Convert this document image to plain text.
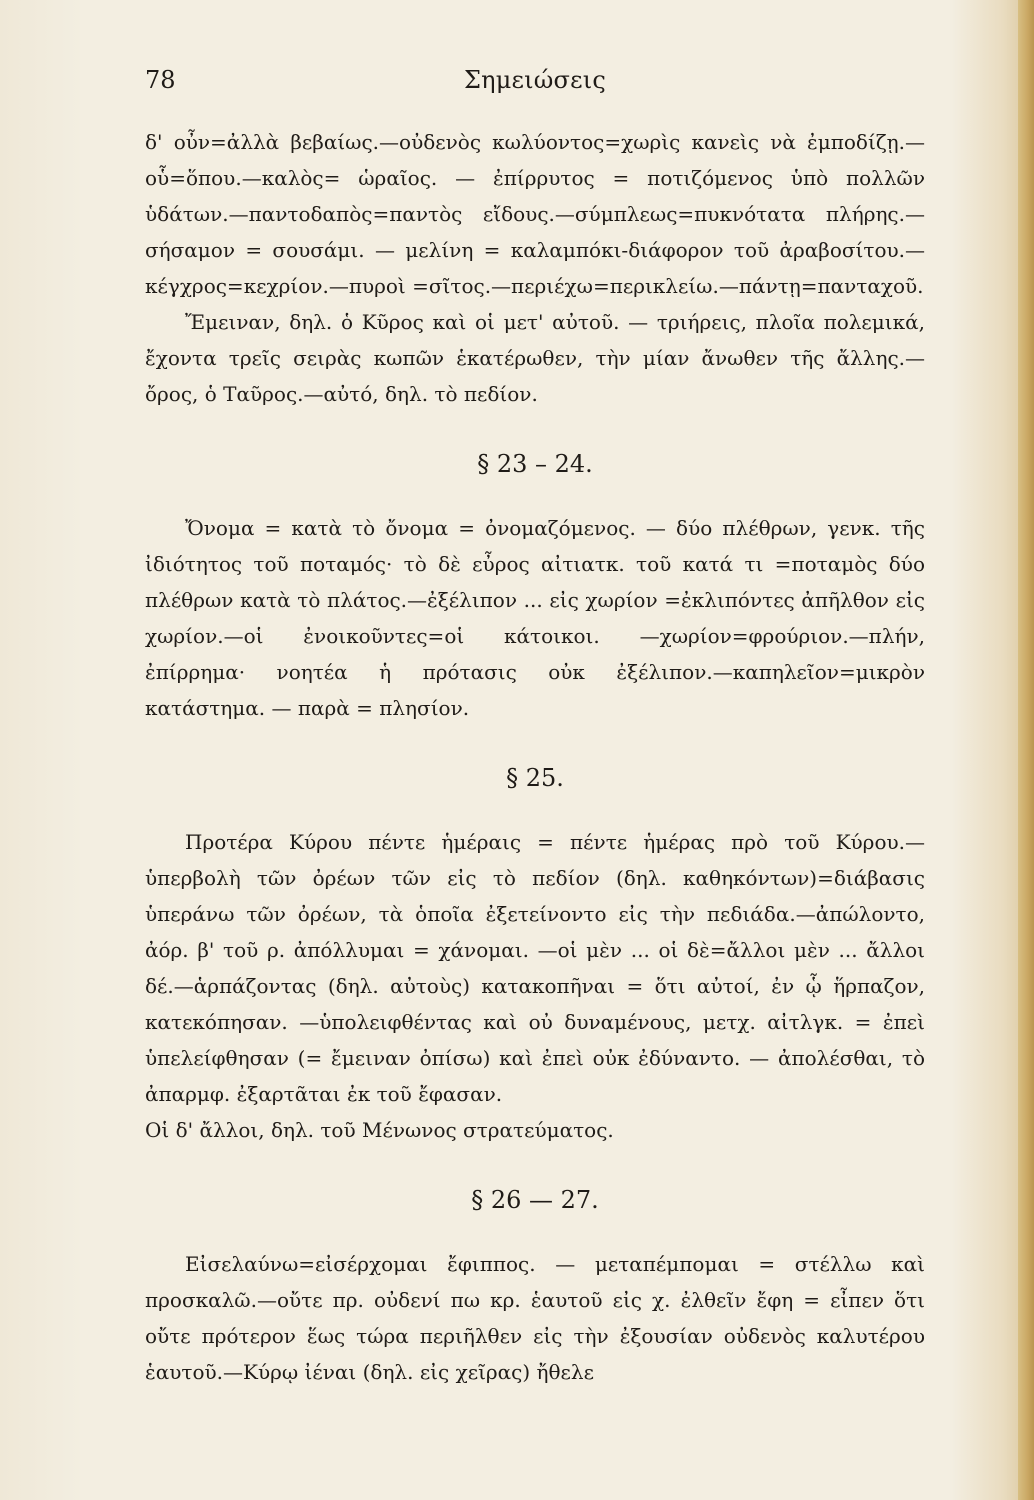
78	Σημειώσεις

δ' οὖν=ἀλλὰ βεβαίως.—οὐδενὸς κωλύοντος=χωρὶς κανεὶς νὰ ἐμποδίζῃ.—οὗ=ὅπου.—καλὸς= ὡραῖος. — ἐπίρρυτος = ποτιζόμενος ὑπὸ πολλῶν ὑδάτων.—παντοδαπὸς=παντὸς εἴδους.—σύμπλεως=πυκνότατα πλήρης.— σήσαμον = σουσάμι. — μελίνη = καλαμπόκι-διάφορον τοῦ ἀραβοσίτου.—κέγχρος=κεχρίον.—πυροὶ =σῖτος.—περιέχω=περικλείω.—πάντῃ=πανταχοῦ.

Ἔμειναν, δηλ. ὁ Κῦρος καὶ οἱ μετ' αὐτοῦ. — τριήρεις, πλοῖα πολεμικά, ἔχοντα τρεῖς σειρὰς κωπῶν ἑκατέρωθεν, τὴν μίαν ἄνωθεν τῆς ἄλλης.—ὄρος, ὁ Ταῦρος.—αὐτό, δηλ. τὸ πεδίον.

§ 23 – 24.

Ὄνομα = κατὰ τὸ ὄνομα = ὀνομαζόμενος. — δύο πλέθρων, γενκ. τῆς ἰδιότητος τοῦ ποταμός· τὸ δὲ εὖρος αἰτιατκ. τοῦ κατά τι =ποταμὸς δύο πλέθρων κατὰ τὸ πλάτος.—ἐξέλιπον ... εἰς χωρίον =ἐκλιπόντες ἀπῆλθον εἰς χωρίον.—οἱ ἐνοικοῦντες=οἱ κάτοικοι. —χωρίον=φρούριον.—πλήν, ἐπίρρημα· νοητέα ἡ πρότασις οὐκ ἐξέλιπον.—καπηλεῖον=μικρὸν κατάστημα. — παρὰ = πλησίον.

§ 25.

Προτέρα Κύρου πέντε ἡμέραις = πέντε ἡμέρας πρὸ τοῦ Κύρου.—ὑπερβολὴ τῶν ὀρέων τῶν εἰς τὸ πεδίον (δηλ. καθηκόντων)=διάβασις ὑπεράνω τῶν ὀρέων, τὰ ὁποῖα ἐξετείνοντο εἰς τὴν πεδιάδα.—ἀπώλοντο, ἀόρ. β' τοῦ ρ. ἀπόλλυμαι = χάνομαι. —οἱ μὲν ... οἱ δὲ=ἄλλοι μὲν ... ἄλλοι δέ.—ἁρπάζοντας (δηλ. αὐτοὺς) κατακοπῆναι = ὅτι αὐτοί, ἐν ᾧ ἥρπαζον, κατεκόπησαν. —ὑπολειφθέντας καὶ οὐ δυναμένους, μετχ. αἰτλγκ. = ἐπεὶ ὑπελείφθησαν (= ἔμειναν ὀπίσω) καὶ ἐπεὶ οὐκ ἐδύναντο. — ἀπολέσθαι, τὸ ἀπαρμφ. ἐξαρτᾶται ἐκ τοῦ ἔφασαν.

Οἱ δ' ἄλλοι, δηλ. τοῦ Μένωνος στρατεύματος.

§ 26 — 27.

Εἰσελαύνω=εἰσέρχομαι ἔφιππος. — μεταπέμπομαι = στέλλω καὶ προσκαλῶ.—οὔτε πρ. οὐδενί πω κρ. ἑαυτοῦ εἰς χ. ἐλθεῖν ἔφη = εἶπεν ὅτι οὔτε πρότερον ἕως τώρα περιῆλθεν εἰς τὴν ἐξουσίαν οὐδενὸς καλυτέρου ἑαυτοῦ.—Κύρῳ ἰέναι (δηλ. εἰς χεῖρας) ἤθελε
